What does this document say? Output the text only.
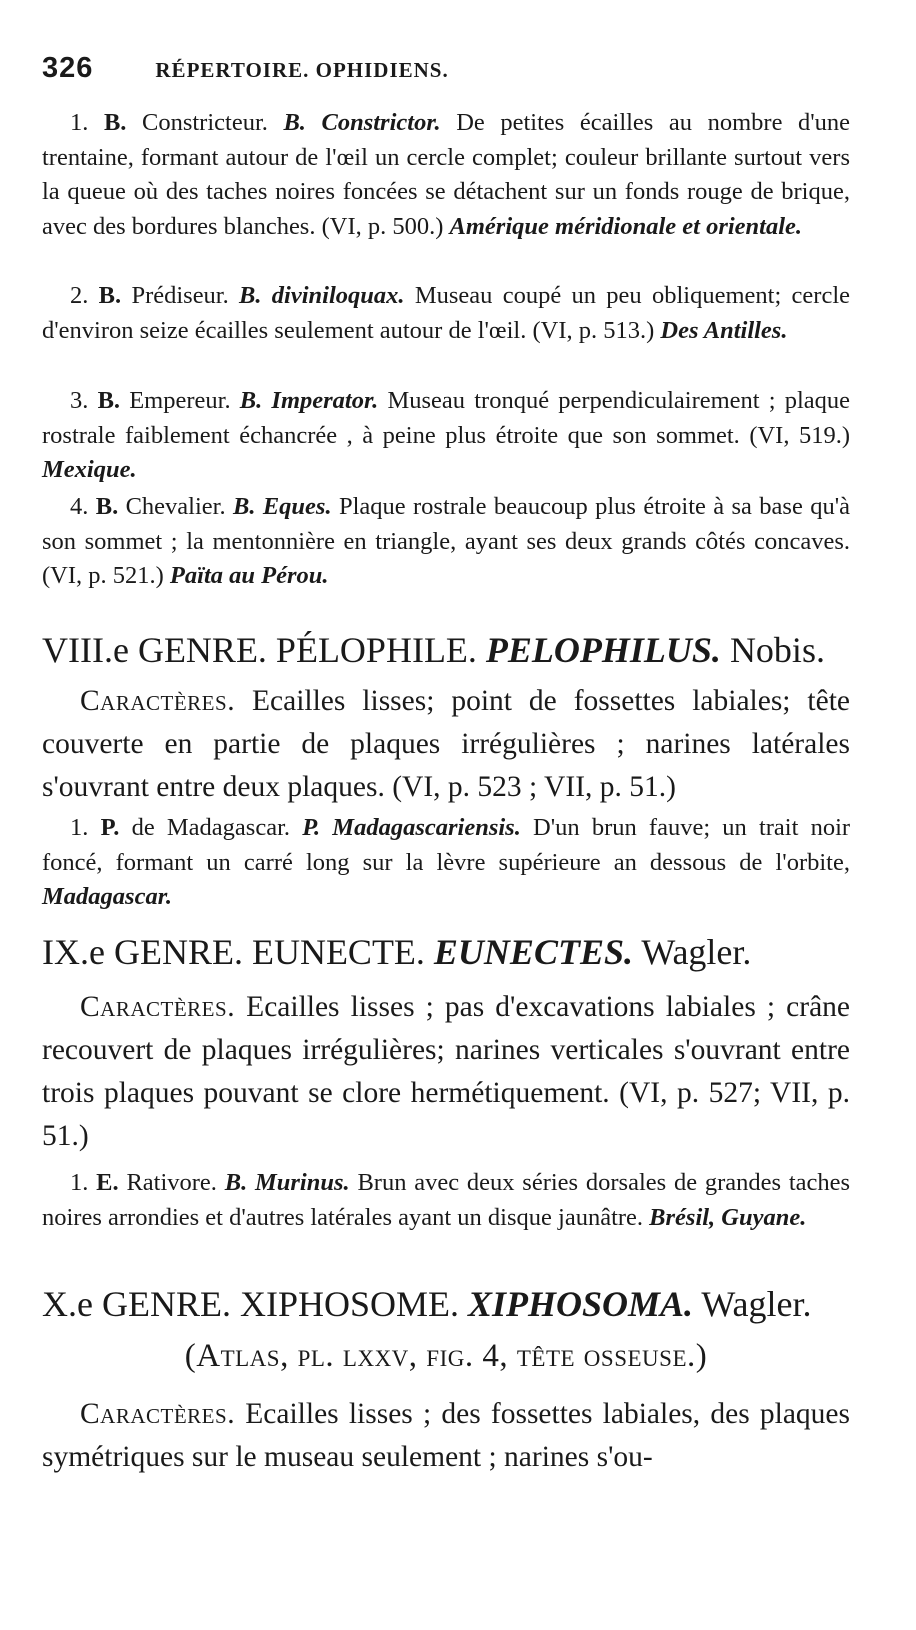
326	RÉPERTOIRE. OPHIDIENS.
1. B. Constricteur. B. Constrictor. De petites écailles au nombre d'une trentaine, formant autour de l'œil un cercle complet; couleur brillante surtout vers la queue où des taches noires foncées se détachent sur un fonds rouge de brique, avec des bordures blanches. (VI, p. 500.) Amérique méridionale et orientale.
2. B. Prédiseur. B. diviniloquax. Museau coupé un peu obliquement; cercle d'environ seize écailles seulement autour de l'œil. (VI, p. 513.) Des Antilles.
3. B. Empereur. B. Imperator. Museau tronqué perpendiculairement ; plaque rostrale faiblement échancrée , à peine plus étroite que son sommet. (VI, 519.) Mexique.
4. B. Chevalier. B. Eques. Plaque rostrale beaucoup plus étroite à sa base qu'à son sommet ; la mentonnière en triangle, ayant ses deux grands côtés concaves. (VI, p. 521.) Païta au Pérou.
VIII.e GENRE. PÉLOPHILE. PELOPHILUS. Nobis.
Caractères. Ecailles lisses; point de fossettes labiales; tête couverte en partie de plaques irrégulières ; narines latérales s'ouvrant entre deux plaques. (VI, p. 523 ; VII, p. 51.)
1. P. de Madagascar. P. Madagascariensis. D'un brun fauve; un trait noir foncé, formant un carré long sur la lèvre supérieure an dessous de l'orbite, Madagascar.
IX.e GENRE. EUNECTE. EUNECTES. Wagler.
Caractères. Ecailles lisses ; pas d'excavations labiales ; crâne recouvert de plaques irrégulières; narines verticales s'ouvrant entre trois plaques pouvant se clore hermétiquement. (VI, p. 527; VII, p. 51.)
1. E. Rativore. B. Murinus. Brun avec deux séries dorsales de grandes taches noires arrondies et d'autres latérales ayant un disque jaunâtre. Brésil, Guyane.
X.e GENRE. XIPHOSOME. XIPHOSOMA. Wagler.
(Atlas, pl. lxxv, fig. 4, tête osseuse.)
Caractères. Ecailles lisses ; des fossettes labiales, des plaques symétriques sur le museau seulement ; narines s'ou-
